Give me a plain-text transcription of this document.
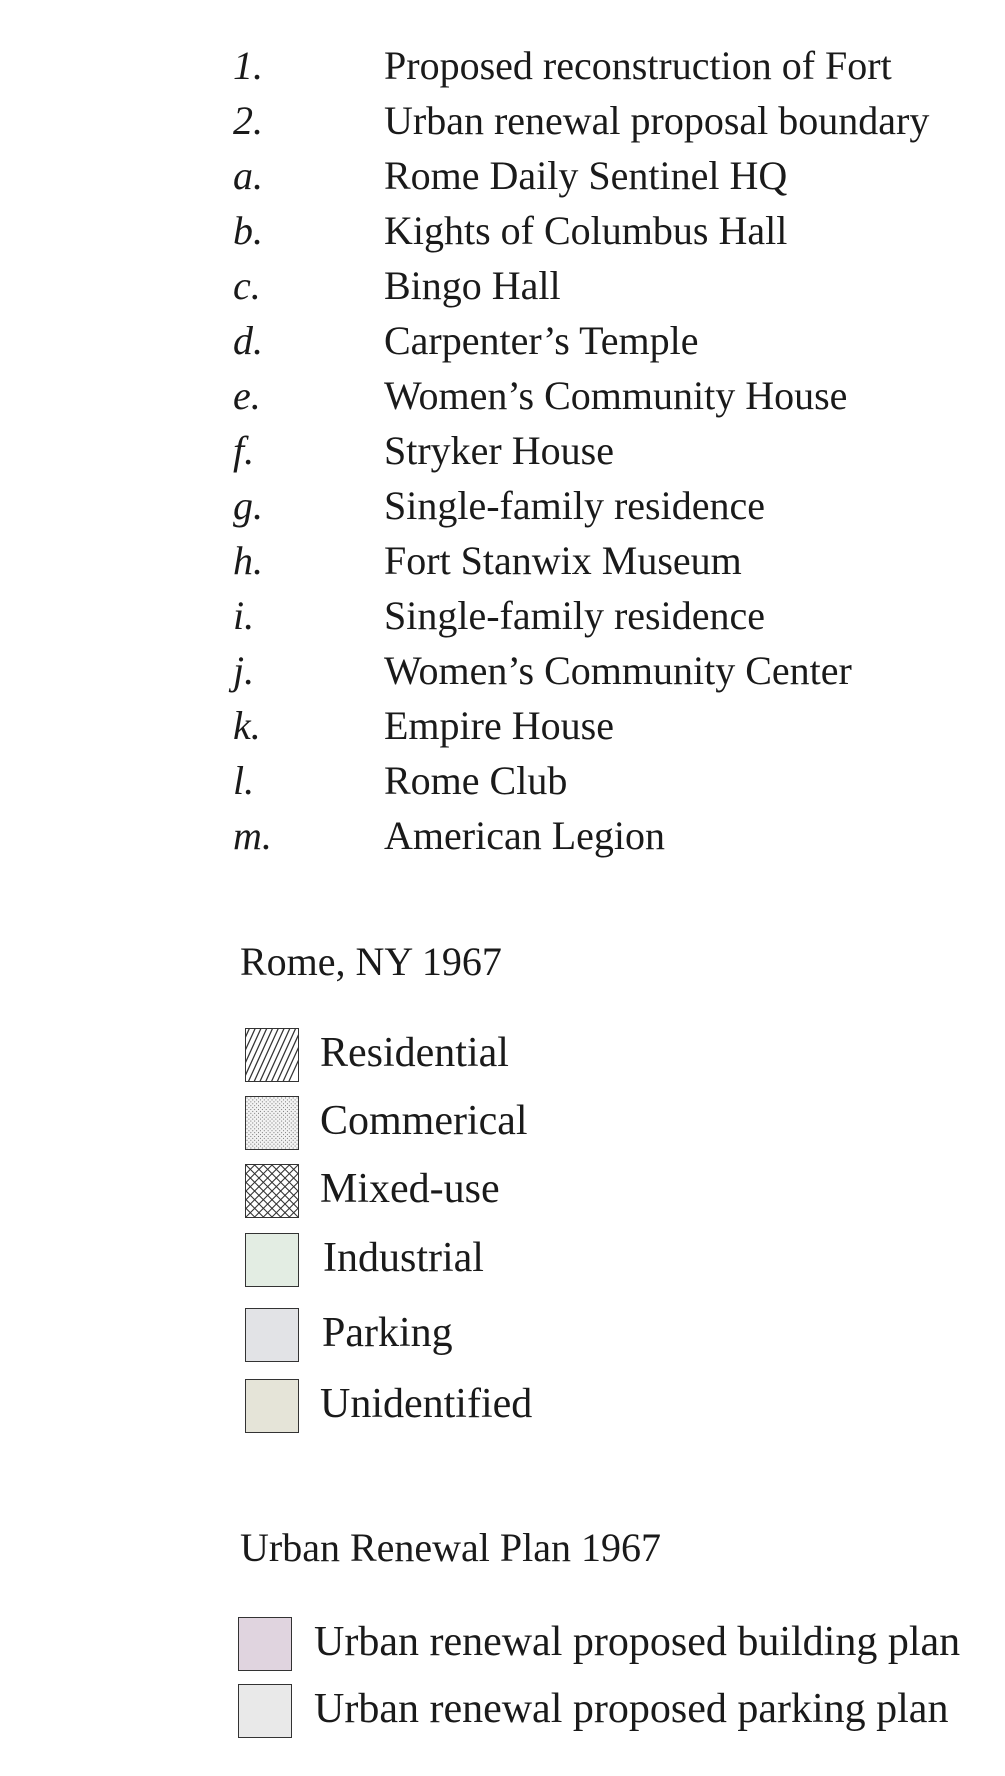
1.	Proposed reconstruction of Fort
2.	Urban renewal proposal boundary
a.	Rome Daily Sentinel HQ
b.	Kights of Columbus Hall
c.	Bingo Hall
d.	Carpenter’s Temple
e.	Women’s Community House
f.	Stryker House
g.	Single-family residence
h.	Fort Stanwix Museum
i.	Single-family residence
j.	Women’s Community Center
k.	Empire House
l.	Rome Club
m.	American Legion
Rome, NY 1967
Residential
Commerical
Mixed-use
Industrial
Parking
Unidentified
Urban Renewal Plan 1967
Urban renewal proposed building plan
Urban renewal proposed parking plan
